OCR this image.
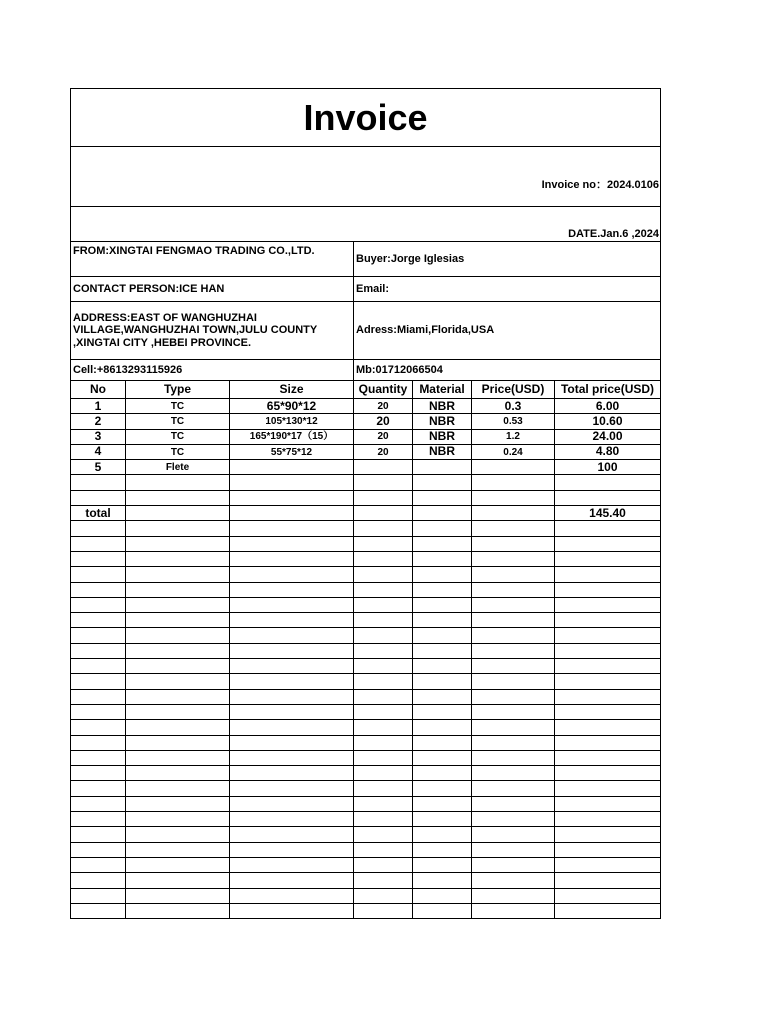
Invoice	
Invoice no：2024.0106	
DATE.Jan.6 ,2024	
FROM:XINGTAI FENGMAO TRADING CO.,LTD.	Buyer:Jorge Iglesias
CONTACT PERSON:ICE HAN	Email:
ADDRESS:EAST OF WANGHUZHAI VILLAGE,WANGHUZHAI TOWN,JULU COUNTY ,XINGTAI CITY ,HEBEI PROVINCE.	Adress:Miami,Florida,USA
Cell:+8613293115926	Mb:01712066504
No	Type	Size	Quantity	Material	Price(USD)	Total price(USD)
1	TC	65*90*12	20	NBR	0.3	6.00
2	TC	105*130*12	20	NBR	0.53	10.60
3	TC	165*190*17（15）	20	NBR	1.2	24.00
4	TC	55*75*12	20	NBR	0.24	4.80
5	Flete					100

total						145.40
